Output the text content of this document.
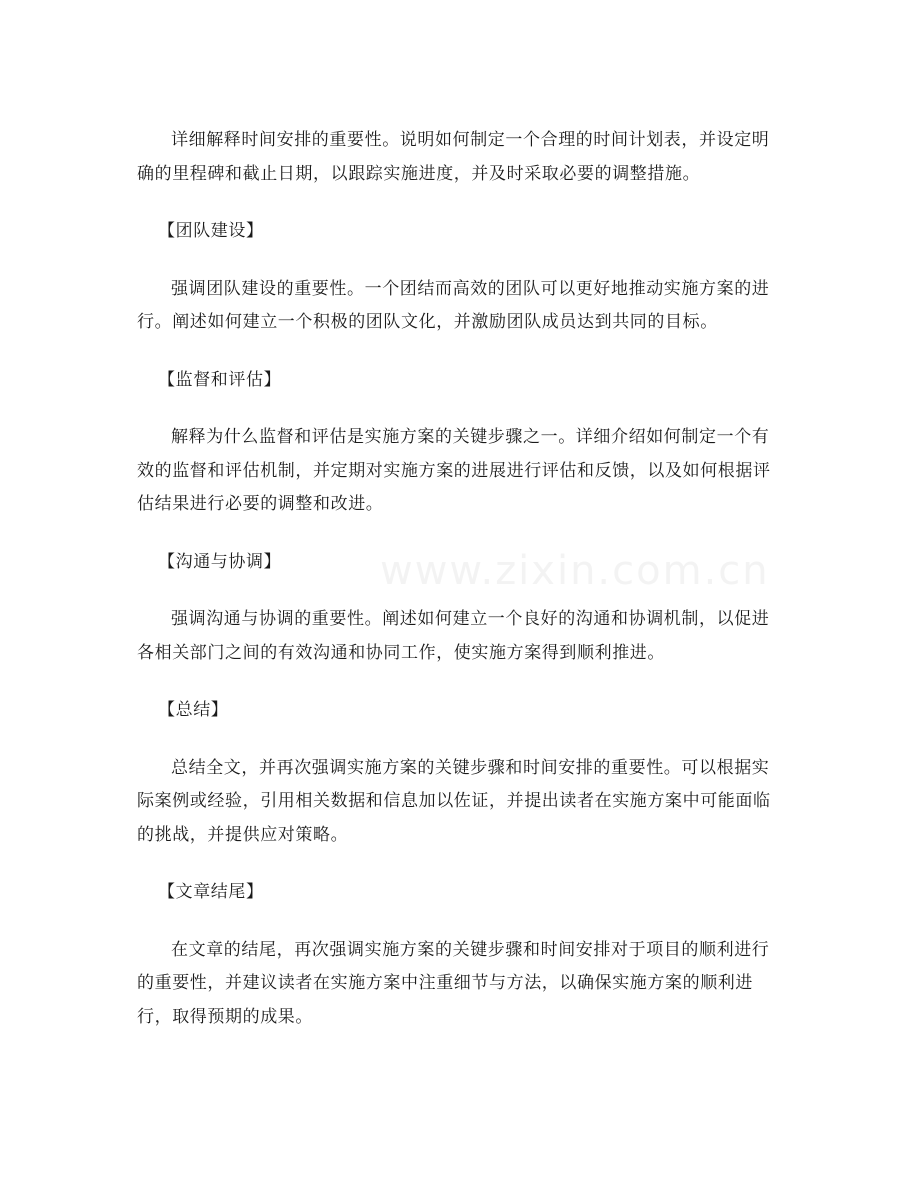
详细解释时间安排的重要性。说明如何制定一个合理的时间计划表，并设定明确的里程碑和截止日期，以跟踪实施进度，并及时采取必要的调整措施。

【团队建设】

强调团队建设的重要性。一个团结而高效的团队可以更好地推动实施方案的进行。阐述如何建立一个积极的团队文化，并激励团队成员达到共同的目标。

【监督和评估】

解释为什么监督和评估是实施方案的关键步骤之一。详细介绍如何制定一个有效的监督和评估机制，并定期对实施方案的进展进行评估和反馈，以及如何根据评估结果进行必要的调整和改进。

【沟通与协调】

强调沟通与协调的重要性。阐述如何建立一个良好的沟通和协调机制，以促进各相关部门之间的有效沟通和协同工作，使实施方案得到顺利推进。

【总结】

总结全文，并再次强调实施方案的关键步骤和时间安排的重要性。可以根据实际案例或经验，引用相关数据和信息加以佐证，并提出读者在实施方案中可能面临的挑战，并提供应对策略。

【文章结尾】

在文章的结尾，再次强调实施方案的关键步骤和时间安排对于项目的顺利进行的重要性，并建议读者在实施方案中注重细节与方法，以确保实施方案的顺利进行，取得预期的成果。

www.zixin.com.cn
